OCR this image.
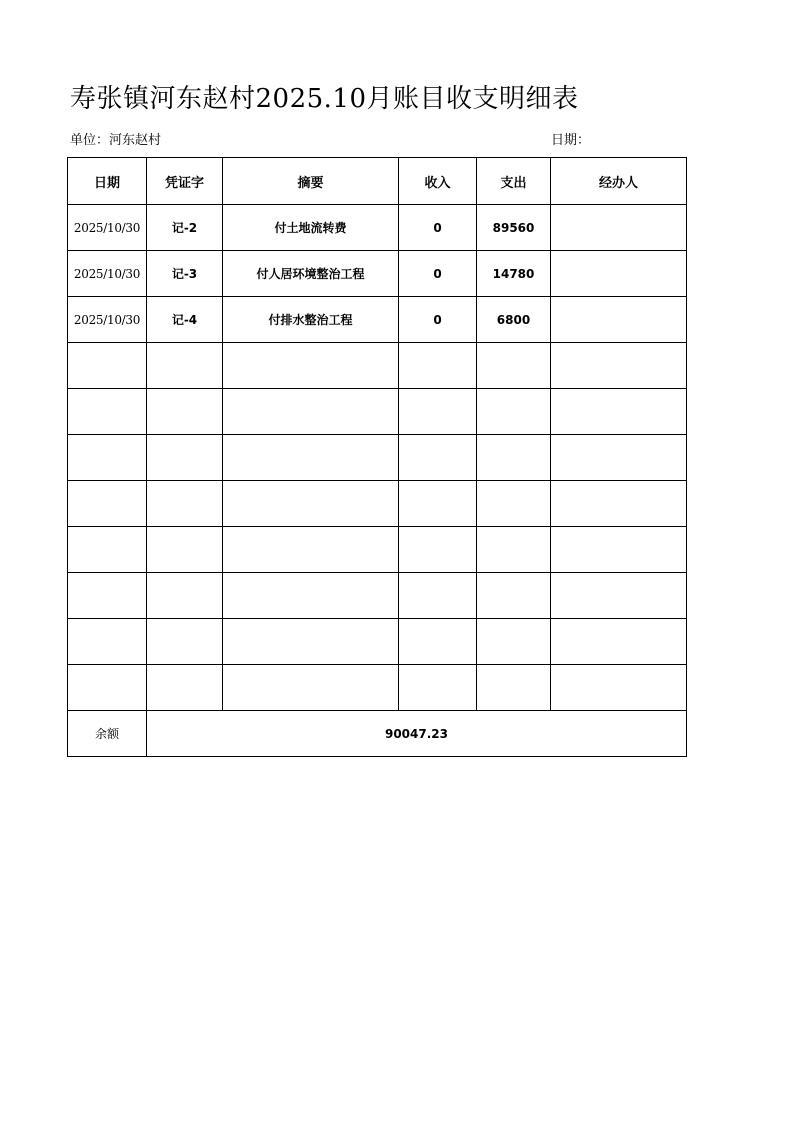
寿张镇河东赵村2025.10月账目收支明细表
单位：河东赵村	日期：
日期	凭证字	摘要	收入	支出	经办人
2025/10/30	记-2	付土地流转费	0	89560	
2025/10/30	记-3	付人居环境整治工程	0	14780	
2025/10/30	记-4	付排水整治工程	0	6800	

余额	90047.23				
